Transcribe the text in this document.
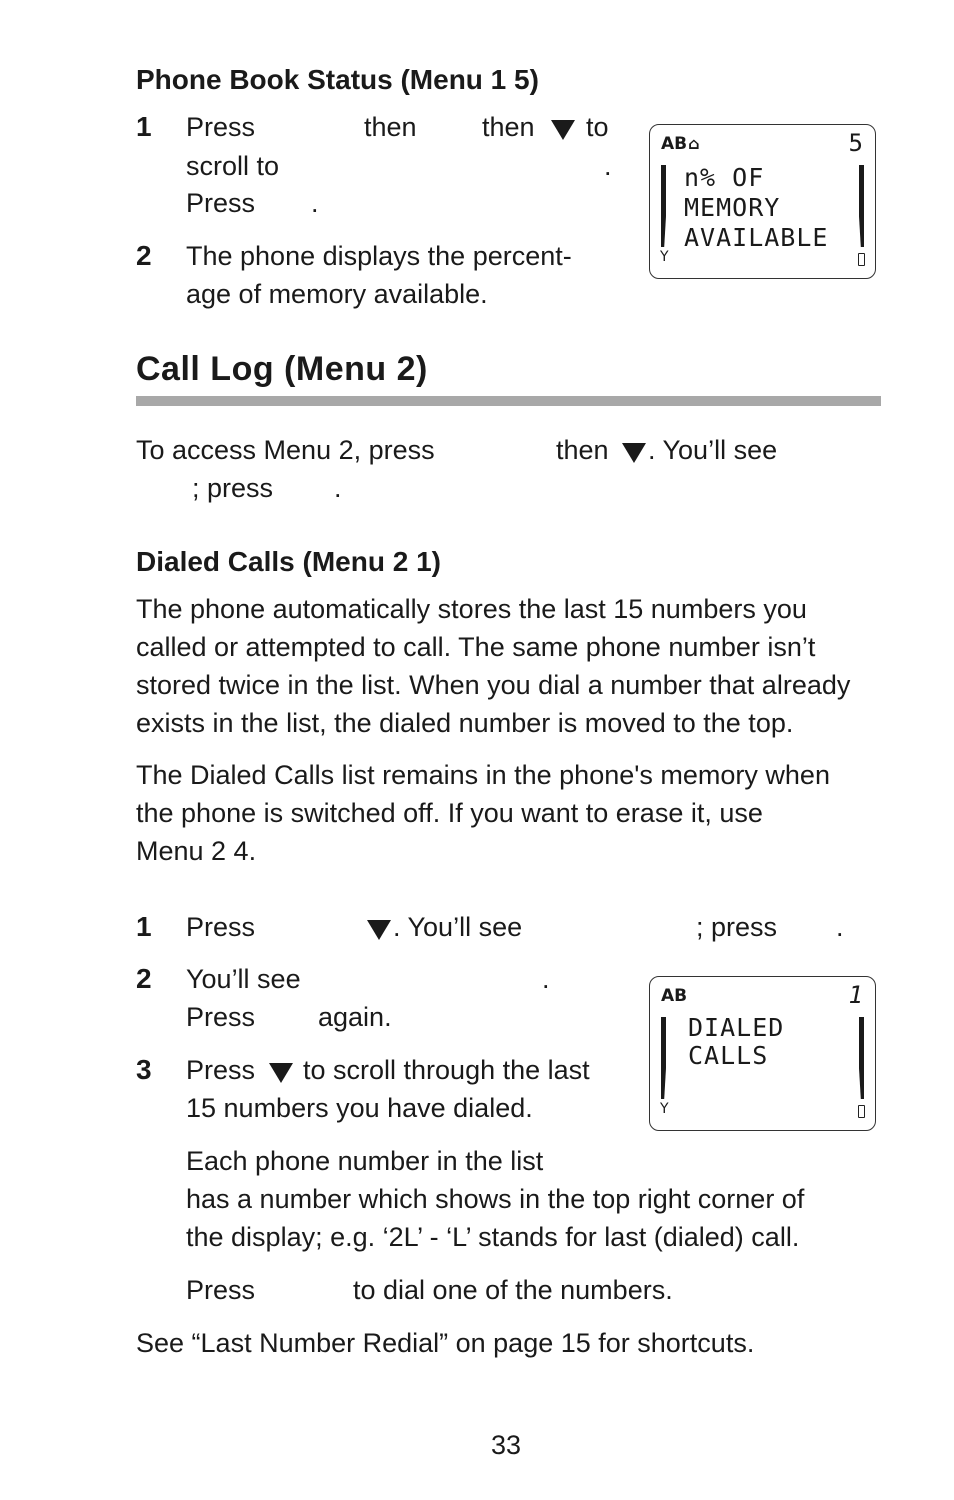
Phone Book Status (Menu 1 5)
1 Press	then then to
scroll to	.
Press .
2 The phone displays the percent-
age of memory available.
AB⌂	5
n% OF
MEMORY
AVAILABLE
Y
Call Log (Menu 2)
To access Menu 2, press	then . You’ll see
; press .
Dialed Calls (Menu 2 1)
The phone automatically stores the last 15 numbers you
called or attempted to call. The same phone number isn’t
stored twice in the list. When you dial a number that already
exists in the list, the dialed number is moved to the top.
The Dialed Calls list remains in the phone's memory when
the phone is switched off. If you want to erase it, use
Menu 2 4.
1 Press	. You’ll see	; press .
2 You’ll see	.
Press again.
3 Press to scroll through the last
15 numbers you have dialed.
AB	1
DIALED
CALLS
Y
Each phone number in the list
has a number which shows in the top right corner of
the display; e.g. ‘2L’ - ‘L’ stands for last (dialed) call.
Press	to dial one of the numbers.
See “Last Number Redial” on page 15 for shortcuts.
33
